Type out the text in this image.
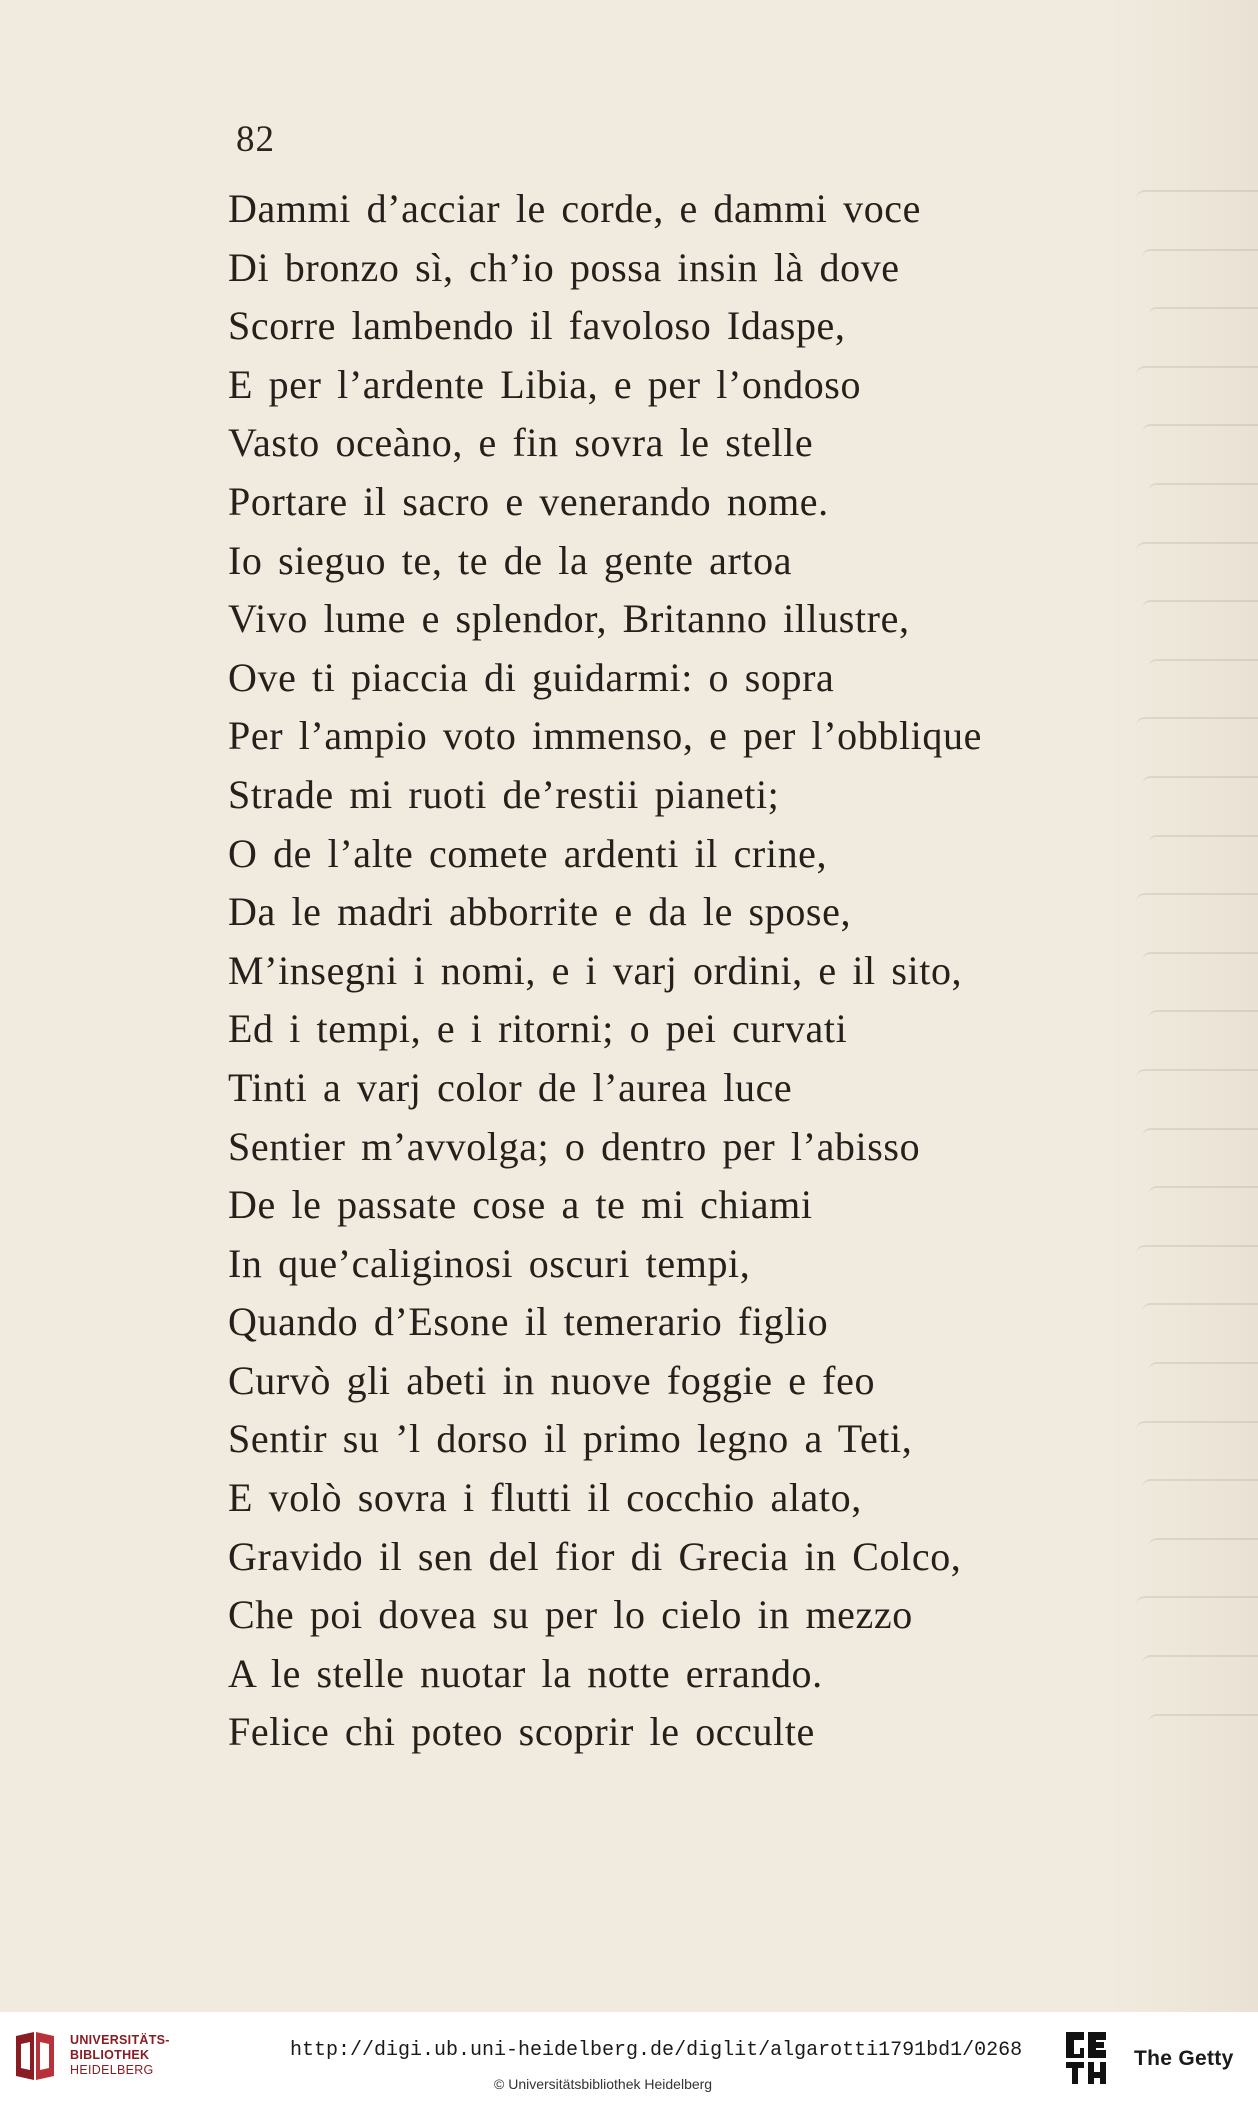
82
Dammi d’acciar le corde, e dammi voce
Di bronzo sì, ch’io possa insin là dove
Scorre lambendo il favoloso Idaspe,
E per l’ardente Libia, e per l’ondoso
Vasto oceàno, e fin sovra le stelle
Portare il sacro e venerando nome.
Io sieguo te, te de la gente artoa
Vivo lume e splendor, Britanno illustre,
Ove ti piaccia di guidarmi: o sopra
Per l’ampio voto immenso, e per l’obblique
Strade mi ruoti de’restii pianeti;
O de l’alte comete ardenti il crine,
Da le madri abborrite e da le spose,
M’insegni i nomi, e i varj ordini, e il sito,
Ed i tempi, e i ritorni; o pei curvati
Tinti a varj color de l’aurea luce
Sentier m’avvolga; o dentro per l’abisso
De le passate cose a te mi chiami
In que’caliginosi oscuri tempi,
Quando d’Esone il temerario figlio
Curvò gli abeti in nuove foggie e feo
Sentir su ’l dorso il primo legno a Teti,
E volò sovra i flutti il cocchio alato,
Gravido il sen del fior di Grecia in Colco,
Che poi dovea su per lo cielo in mezzo
A le stelle nuotar la notte errando.
Felice chi poteo scoprir le occulte
UNIVERSITÄTS-
BIBLIOTHEK
HEIDELBERG
http://digi.ub.uni-heidelberg.de/diglit/algarotti1791bd1/0268
© Universitätsbibliothek Heidelberg
The Getty
